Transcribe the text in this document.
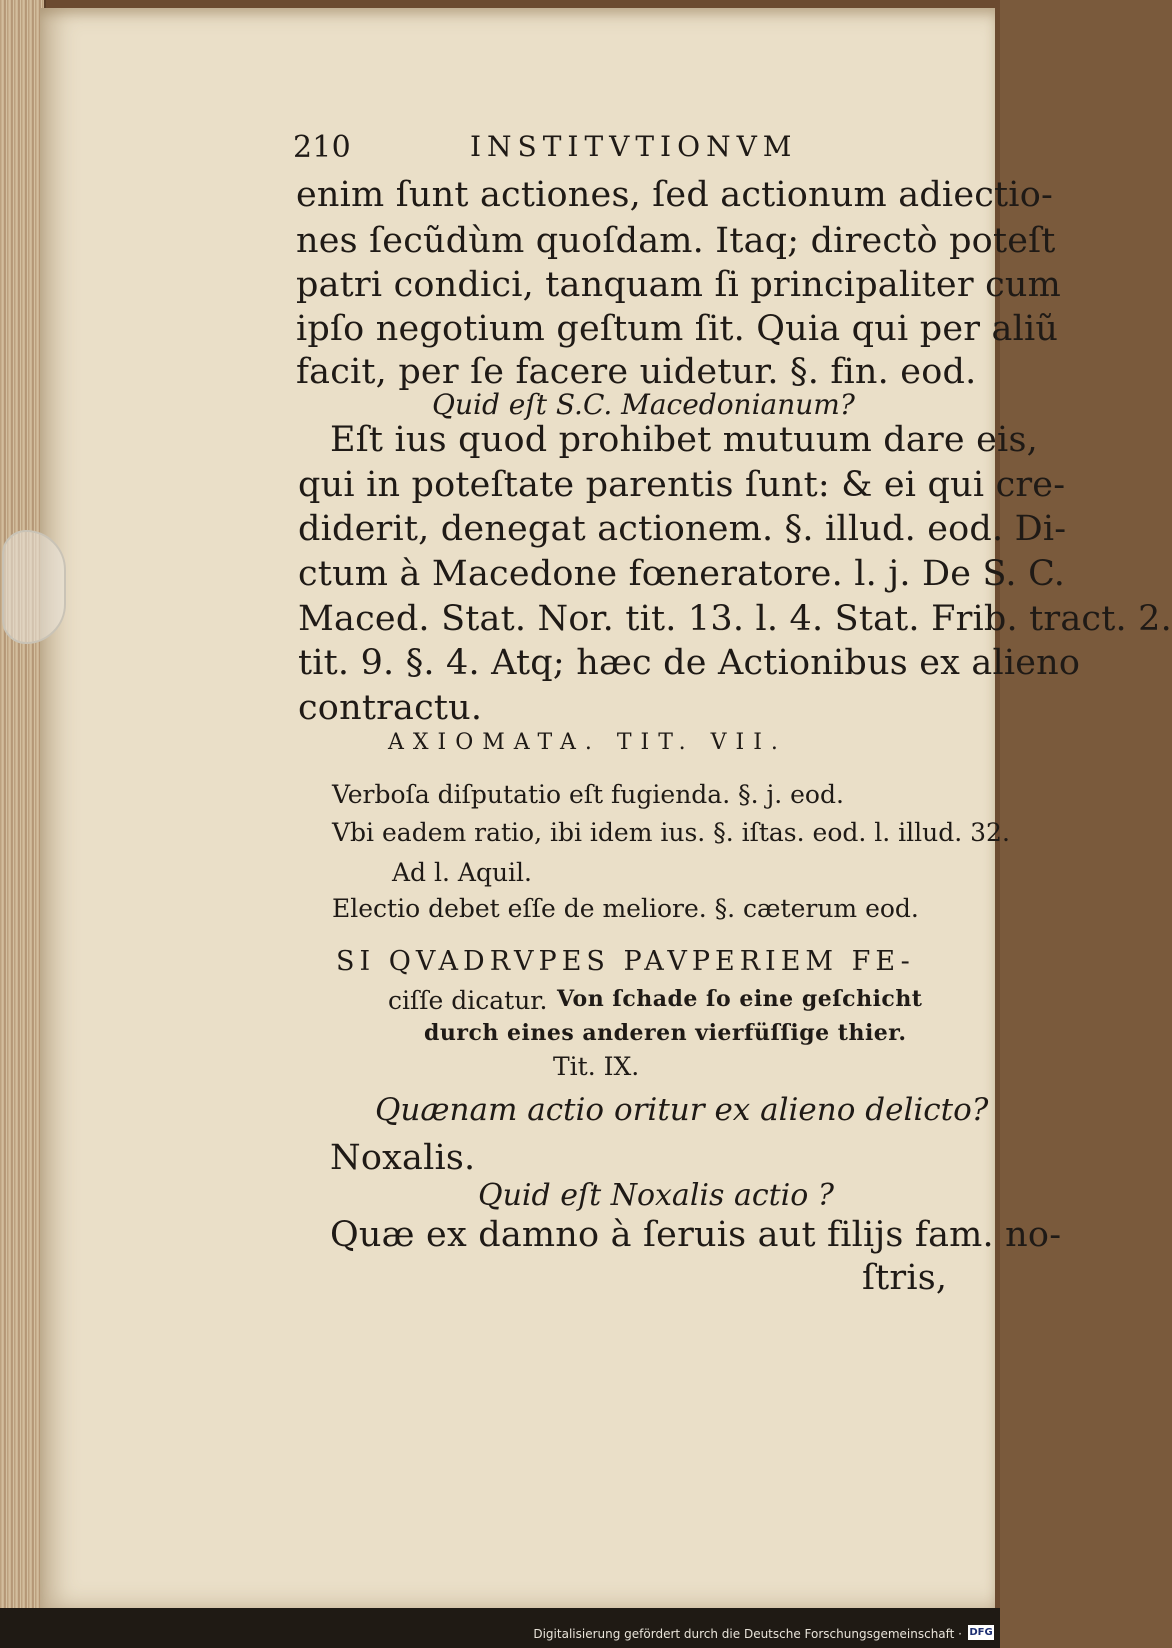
210	INSTITVTIONVM
enim ſunt actiones, ſed actionum adiectio-
nes ſecũdùm quoſdam. Itaq; directò poteſt
patri condici, tanquam ſi principaliter cum
ipſo negotium geſtum ſit. Quia qui per aliũ
facit, per ſe facere uidetur. §. fin. eod.
Quid eſt S.C. Macedonianum?
Eſt ius quod prohibet mutuum dare eis,
qui in poteſtate parentis ſunt: & ei qui cre-
diderit, denegat actionem. §. illud. eod. Di-
ctum à Macedone fœneratore. l. j. De S. C.
Maced. Stat. Nor. tit. 13. l. 4. Stat. Frib. tract. 2.
tit. 9. §. 4. Atq; hæc de Actionibus ex alieno
contractu.
AXIOMATA. TIT. VII.
Verboſa diſputatio eſt fugienda. §. j. eod.
Vbi eadem ratio, ibi idem ius. §. iſtas. eod. l. illud. 32.
Ad l. Aquil.
Electio debet eſſe de meliore. §. cæterum eod.
SI QVADRVPES PAVPERIEM FE-
ciſſe dicatur. Von ſchade ſo eine geſchicht
durch eines anderen vierfüſſige thier.
Tit. IX.
Quænam actio oritur ex alieno delicto?
Noxalis.
Quid eſt Noxalis actio ?
Quæ ex damno à ſeruis aut filijs fam. no-
ſtris,
Digitalisierung gefördert durch die Deutsche Forschungsgemeinschaft · DFG
